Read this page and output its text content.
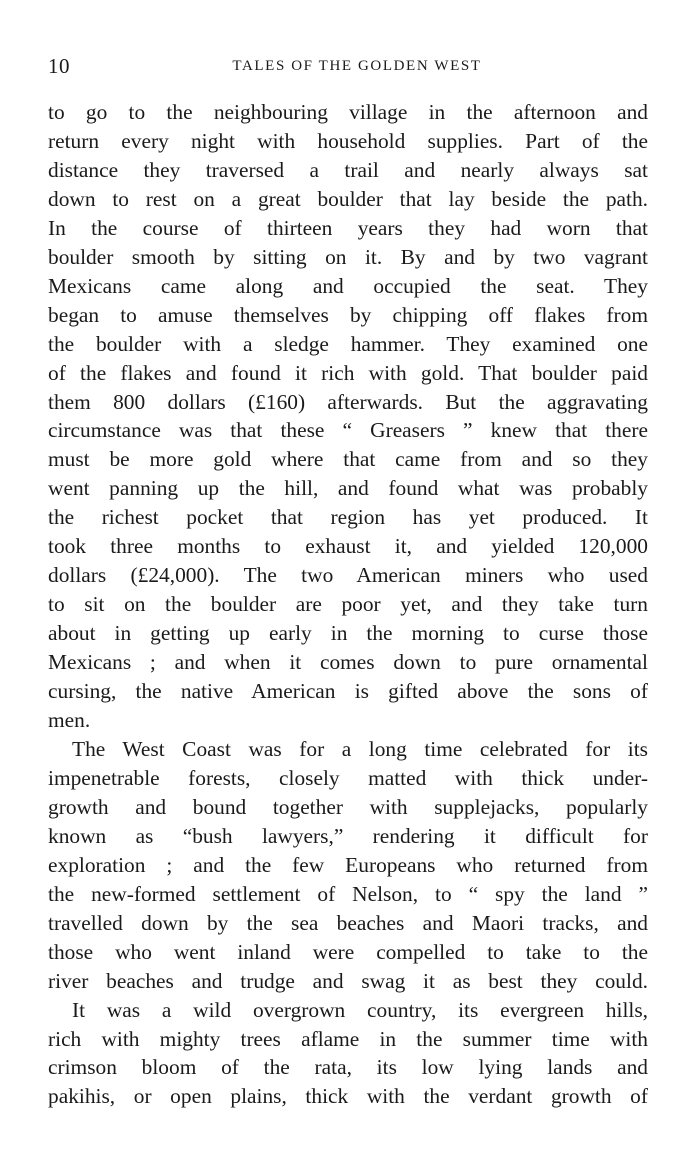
10	TALES OF THE GOLDEN WEST

to go to the neighbouring village in the afternoon and

return every night with household supplies. Part of the

distance they traversed a trail and nearly always sat

down to rest on a great boulder that lay beside the path.

In the course of thirteen years they had worn that

boulder smooth by sitting on it. By and by two vagrant

Mexicans came along and occupied the seat. They

began to amuse themselves by chipping off flakes from

the boulder with a sledge hammer. They examined one

of the flakes and found it rich with gold. That boulder paid

them 800 dollars (£160) afterwards. But the aggravating

circumstance was that these “ Greasers ” knew that there

must be more gold where that came from and so they

went panning up the hill, and found what was probably

the richest pocket that region has yet produced. It

took three months to exhaust it, and yielded 120,000

dollars (£24,000). The two American miners who used

to sit on the boulder are poor yet, and they take turn

about in getting up early in the morning to curse those

Mexicans ; and when it comes down to pure ornamental

cursing, the native American is gifted above the sons of

men.

The West Coast was for a long time celebrated for its

impenetrable forests, closely matted with thick under-

growth and bound together with supplejacks, popularly

known as “bush lawyers,” rendering it difficult for

exploration ; and the few Europeans who returned from

the new-formed settlement of Nelson, to “ spy the land ”

travelled down by the sea beaches and Maori tracks, and

those who went inland were compelled to take to the

river beaches and trudge and swag it as best they could.

It was a wild overgrown country, its evergreen hills,

rich with mighty trees aflame in the summer time with

crimson bloom of the rata, its low lying lands and

pakihis, or open plains, thick with the verdant growth of
